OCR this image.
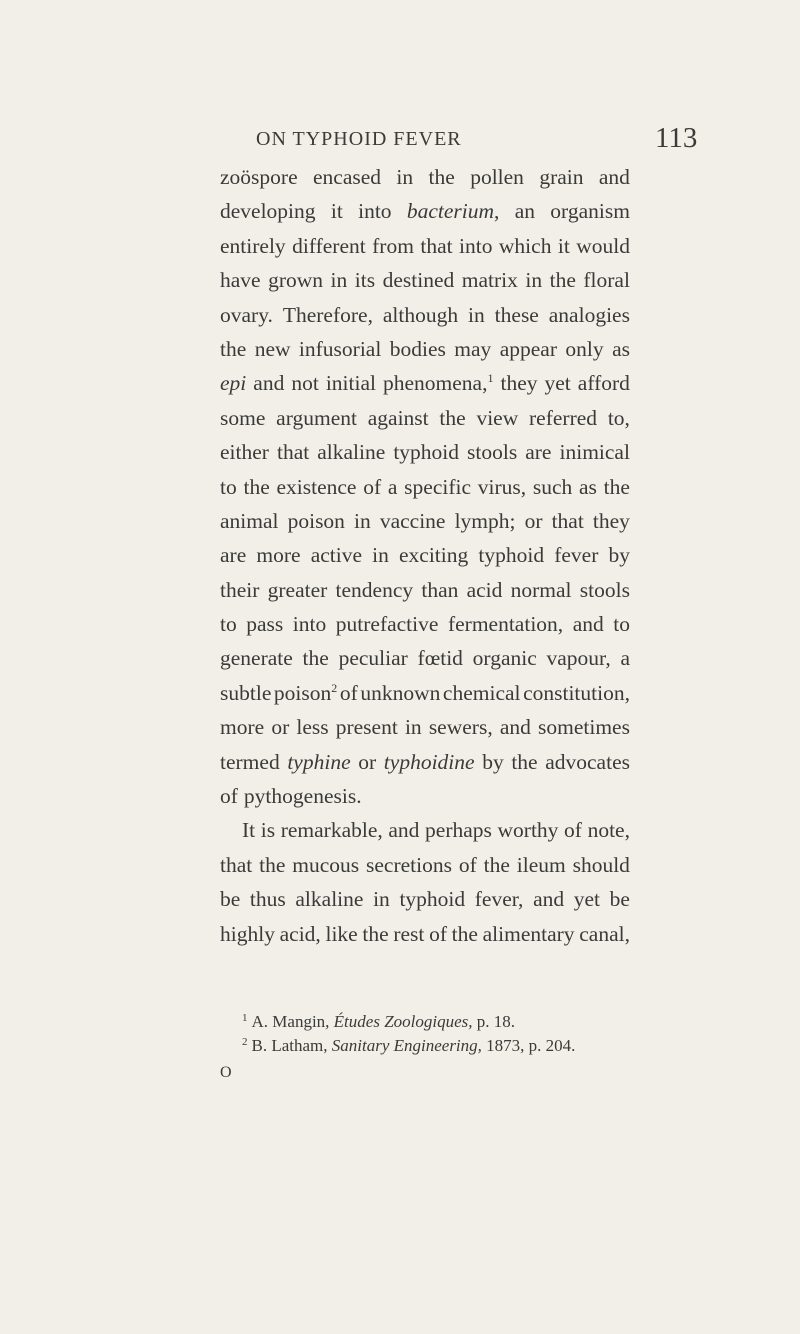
ON TYPHOID FEVER	113
zoöspore encased in the pollen grain and
developing it into bacterium, an organism
entirely different from that into which it would
have grown in its destined matrix in the floral
ovary. Therefore, although in these analogies
the new infusorial bodies may appear only as
epi and not initial phenomena,$^1$ they yet afford
some argument against the view referred to,
either that alkaline typhoid stools are inimical
to the existence of a specific virus, such as the
animal poison in vaccine lymph; or that they
are more active in exciting typhoid fever by
their greater tendency than acid normal stools
to pass into putrefactive fermentation, and to
generate the peculiar fœtid organic vapour, a
subtle poison$^2$ of unknown chemical constitution,
more or less present in sewers, and sometimes
termed typhine or typhoidine by the advocates
of pythogenesis.
It is remarkable, and perhaps worthy of note,
that the mucous secretions of the ileum should
be thus alkaline in typhoid fever, and yet be
highly acid, like the rest of the alimentary canal,
$^1$ A. Mangin, Études Zoologiques, p. 18.
$^2$ B. Latham, Sanitary Engineering, 1873, p. 204.
O
